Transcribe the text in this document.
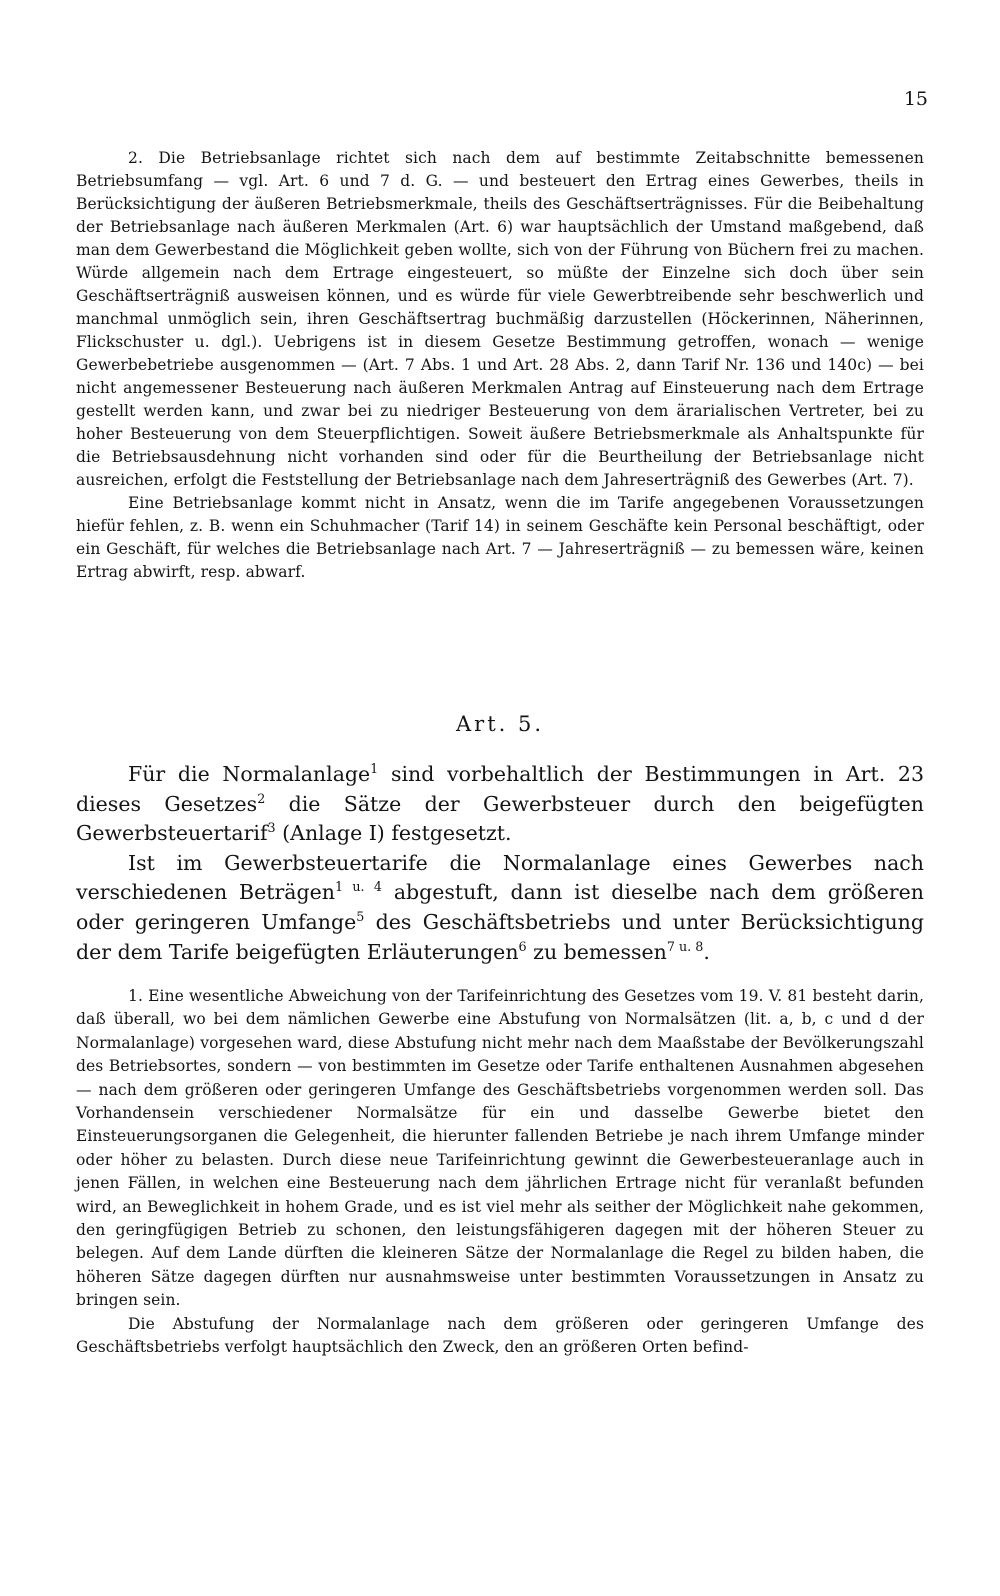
15

2. Die Betriebsanlage richtet sich nach dem auf bestimmte Zeitabschnitte bemessenen Betriebsumfang — vgl. Art. 6 und 7 d. G. — und besteuert den Ertrag eines Gewerbes, theils in Berücksichtigung der äußeren Betriebsmerkmale, theils des Geschäftserträgnisses. Für die Beibehaltung der Betriebsanlage nach äußeren Merkmalen (Art. 6) war hauptsächlich der Umstand maßgebend, daß man dem Gewerbestand die Möglichkeit geben wollte, sich von der Führung von Büchern frei zu machen. Würde allgemein nach dem Ertrage eingesteuert, so müßte der Einzelne sich doch über sein Geschäftserträgniß ausweisen können, und es würde für viele Gewerbtreibende sehr beschwerlich und manchmal unmöglich sein, ihren Geschäftsertrag buchmäßig darzustellen (Höckerinnen, Näherinnen, Flickschuster u. dgl.). Uebrigens ist in diesem Gesetze Bestimmung getroffen, wonach — wenige Gewerbebetriebe ausgenommen — (Art. 7 Abs. 1 und Art. 28 Abs. 2, dann Tarif Nr. 136 und 140c) — bei nicht angemessener Besteuerung nach äußeren Merkmalen Antrag auf Einsteuerung nach dem Ertrage gestellt werden kann, und zwar bei zu niedriger Besteuerung von dem ärarialischen Vertreter, bei zu hoher Besteuerung von dem Steuerpflichtigen. Soweit äußere Betriebsmerkmale als Anhaltspunkte für die Betriebsausdehnung nicht vorhanden sind oder für die Beurtheilung der Betriebsanlage nicht ausreichen, erfolgt die Feststellung der Betriebsanlage nach dem Jahreserträgniß des Gewerbes (Art. 7).

Eine Betriebsanlage kommt nicht in Ansatz, wenn die im Tarife angegebenen Voraussetzungen hiefür fehlen, z. B. wenn ein Schuhmacher (Tarif 14) in seinem Geschäfte kein Personal beschäftigt, oder ein Geschäft, für welches die Betriebsanlage nach Art. 7 — Jahreserträgniß — zu bemessen wäre, keinen Ertrag abwirft, resp. abwarf.

Art. 5.

Für die Normalanlage$^1$ sind vorbehaltlich der Bestimmungen in Art. 23 dieses Gesetzes$^2$ die Sätze der Gewerbsteuer durch den beigefügten Gewerbsteuertarif$^3$ (Anlage I) festgesetzt.

Ist im Gewerbsteuertarife die Normalanlage eines Gewerbes nach verschiedenen Beträgen$^{1 u. 4}$ abgestuft, dann ist dieselbe nach dem größeren oder geringeren Umfange$^5$ des Geschäftsbetriebs und unter Berücksichtigung der dem Tarife beigefügten Erläuterungen$^6$ zu bemessen$^{7 u. 8}$.

1. Eine wesentliche Abweichung von der Tarifeinrichtung des Gesetzes vom 19. V. 81 besteht darin, daß überall, wo bei dem nämlichen Gewerbe eine Abstufung von Normalsätzen (lit. a, b, c und d der Normalanlage) vorgesehen ward, diese Abstufung nicht mehr nach dem Maaßstabe der Bevölkerungszahl des Betriebsortes, sondern — von bestimmten im Gesetze oder Tarife enthaltenen Ausnahmen abgesehen — nach dem größeren oder geringeren Umfange des Geschäftsbetriebs vorgenommen werden soll. Das Vorhandensein verschiedener Normalsätze für ein und dasselbe Gewerbe bietet den Einsteuerungsorganen die Gelegenheit, die hierunter fallenden Betriebe je nach ihrem Umfange minder oder höher zu belasten. Durch diese neue Tarifeinrichtung gewinnt die Gewerbesteueranlage auch in jenen Fällen, in welchen eine Besteuerung nach dem jährlichen Ertrage nicht für veranlaßt befunden wird, an Beweglichkeit in hohem Grade, und es ist viel mehr als seither der Möglichkeit nahe gekommen, den geringfügigen Betrieb zu schonen, den leistungsfähigeren dagegen mit der höheren Steuer zu belegen. Auf dem Lande dürften die kleineren Sätze der Normalanlage die Regel zu bilden haben, die höheren Sätze dagegen dürften nur ausnahmsweise unter bestimmten Voraussetzungen in Ansatz zu bringen sein.

Die Abstufung der Normalanlage nach dem größeren oder geringeren Umfange des Geschäftsbetriebs verfolgt hauptsächlich den Zweck, den an größeren Orten befind-
